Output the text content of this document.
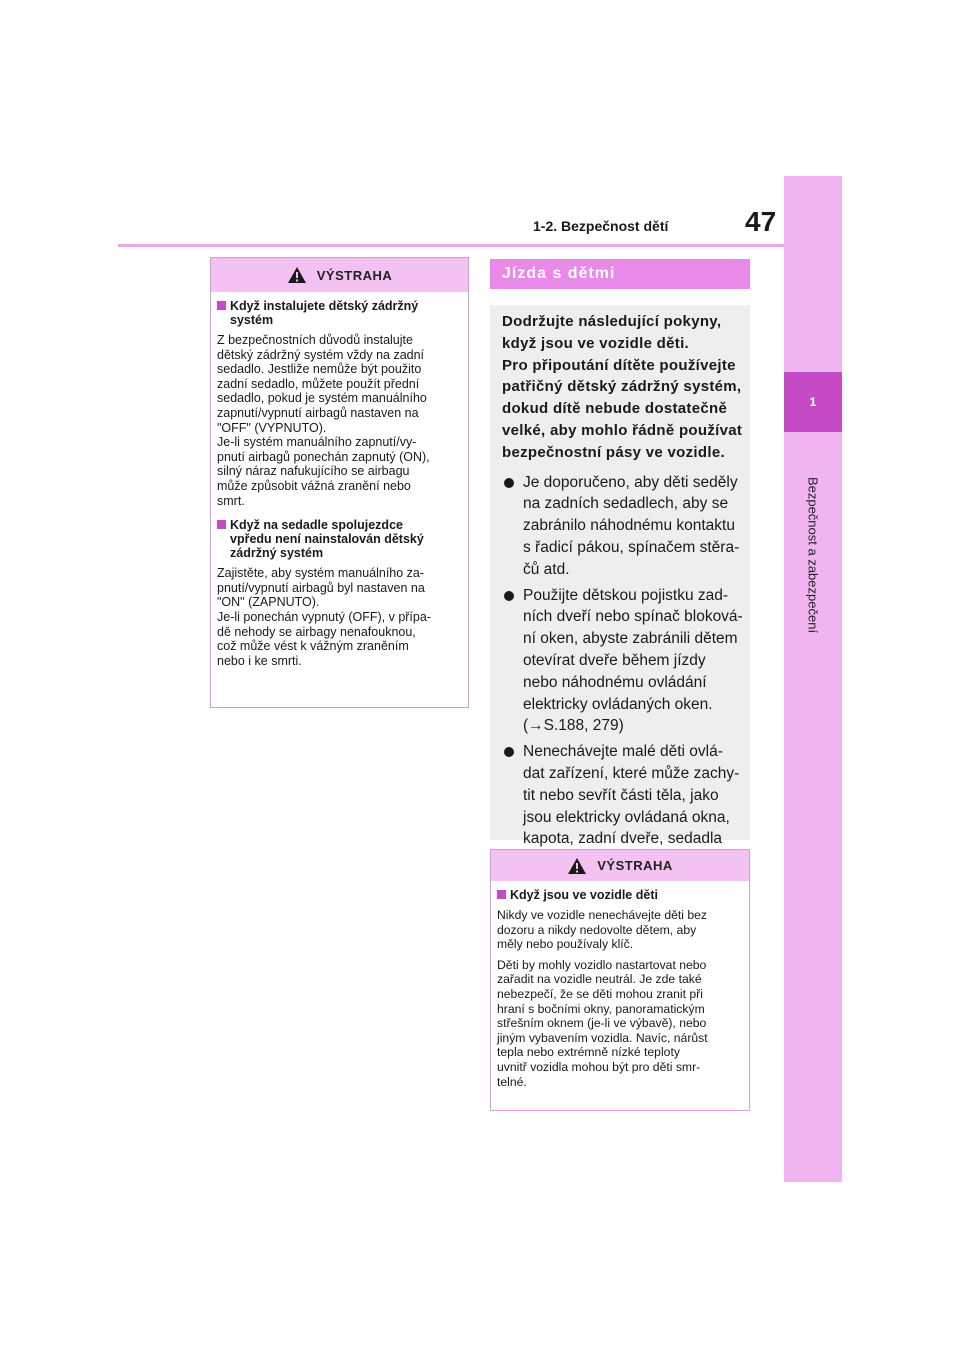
1-2. Bezpečnost dětí	47
1
Bezpečnost a zabezpečení
VÝSTRAHA
Když instalujete dětský zádržný
systém

Z bezpečnostních důvodů instalujte
dětský zádržný systém vždy na zadní
sedadlo. Jestliže nemůže být použito
zadní sedadlo, můžete použít přední
sedadlo, pokud je systém manuálního
zapnutí/vypnutí airbagů nastaven na
"OFF" (VYPNUTO).
Je-li systém manuálního zapnutí/vy-
pnutí airbagů ponechán zapnutý (ON),
silný náraz nafukujícího se airbagu
může způsobit vážná zranění nebo
smrt.

Když na sedadle spolujezdce
vpředu není nainstalován dětský
zádržný systém

Zajistěte, aby systém manuálního za-
pnutí/vypnutí airbagů byl nastaven na
"ON" (ZAPNUTO).
Je-li ponechán vypnutý (OFF), v přípa-
dě nehody se airbagy nenafouknou,
což může vést k vážným zraněním
nebo i ke smrti.

Jízda s dětmi

Dodržujte následující pokyny,
když jsou ve vozidle děti.
Pro připoutání dítěte používejte
patřičný dětský zádržný systém,
dokud dítě nebude dostatečně
velké, aby mohlo řádně používat
bezpečnostní pásy ve vozidle.

Je doporučeno, aby děti seděly
na zadních sedadlech, aby se
zabránilo náhodnému kontaktu
s řadicí pákou, spínačem stěra-
čů atd.
Použijte dětskou pojistku zad-
ních dveří nebo spínač bloková-
ní oken, abyste zabránili dětem
otevírat dveře během jízdy
nebo náhodnému ovládání
elektricky ovládaných oken.
(→S.188, 279)
Nenechávejte malé děti ovlá-
dat zařízení, které může zachy-
tit nebo sevřít části těla, jako
jsou elektricky ovládaná okna,
kapota, zadní dveře, sedadla

VÝSTRAHA
Když jsou ve vozidle děti

Nikdy ve vozidle nenechávejte děti bez
dozoru a nikdy nedovolte dětem, aby
měly nebo používaly klíč.

Děti by mohly vozidlo nastartovat nebo
zařadit na vozidle neutrál. Je zde také
nebezpečí, že se děti mohou zranit při
hraní s bočními okny, panoramatickým
střešním oknem (je-li ve výbavě), nebo
jiným vybavením vozidla. Navíc, nárůst
tepla nebo extrémně nízké teploty
uvnitř vozidla mohou být pro děti smr-
telné.
